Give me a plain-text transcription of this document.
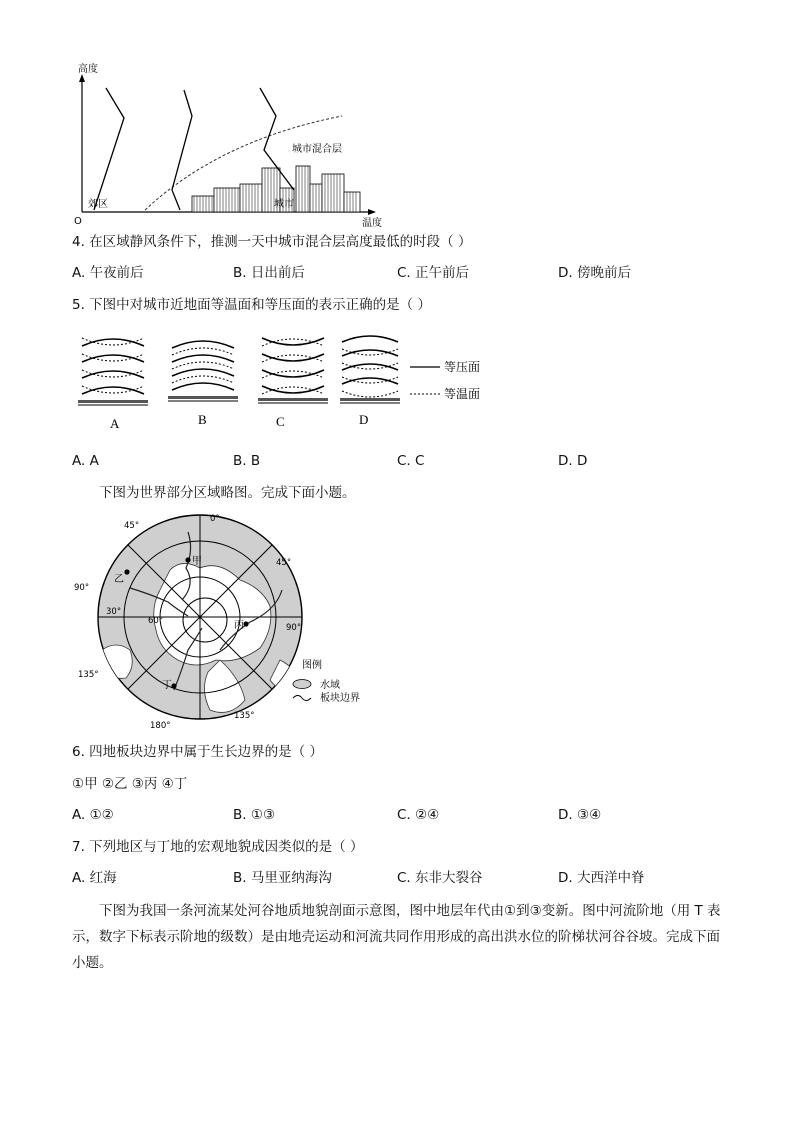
高度
温度
O
郊区	城市
城市混合层
4. 在区域静风条件下，推测一天中城市混合层高度最低的时段（ ）
A. 午夜前后	B. 日出前后	C. 正午前后	D. 傍晚前后
5. 下图中对城市近地面等温面和等压面的表示正确的是（ ）
等压面
等温面
A	B	C	D
A. A	B. B	C. C	D. D
下图为世界部分区域略图。完成下面小题。
0°
45°
45°
90°
90°
30°
60°
135°
135°
180°
甲
乙
丙
丁
图例
水域
板块边界
6. 四地板块边界中属于生长边界的是（ ）
①甲 ②乙 ③丙 ④丁
A. ①②	B. ①③	C. ②④	D. ③④
7. 下列地区与丁地的宏观地貌成因类似的是（ ）
A. 红海	B. 马里亚纳海沟	C. 东非大裂谷	D. 大西洋中脊
下图为我国一条河流某处河谷地质地貌剖面示意图，图中地层年代由①到③变新。图中河流阶地（用 T 表示，数字下标表示阶地的级数）是由地壳运动和河流共同作用形成的高出洪水位的阶梯状河谷谷坡。完成下面小题。
